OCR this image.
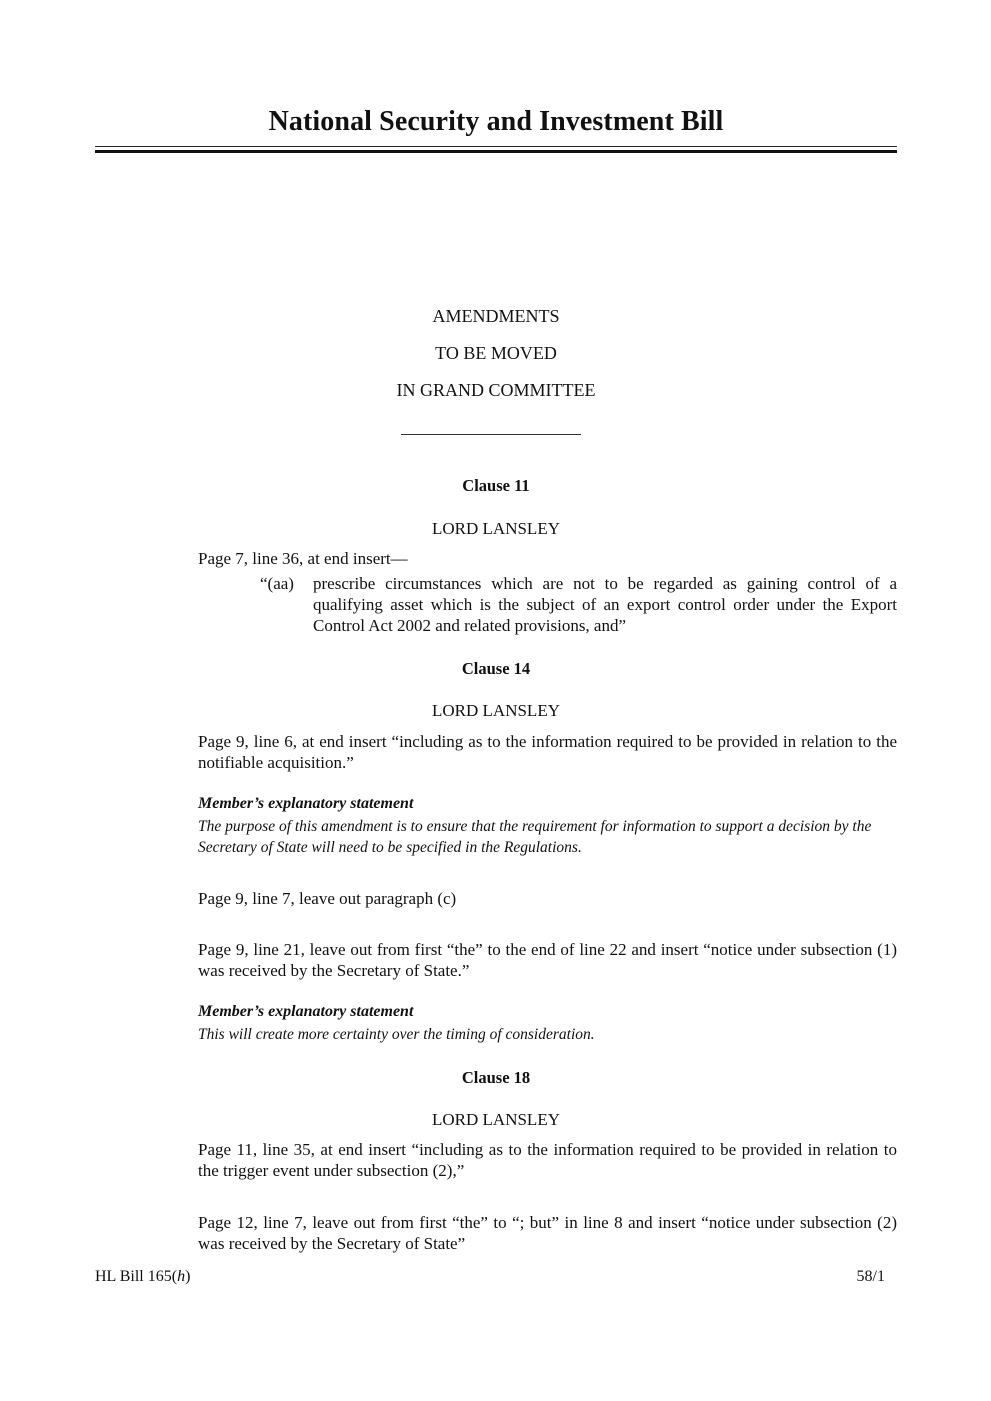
National Security and Investment Bill
AMENDMENTS
TO BE MOVED
IN GRAND COMMITTEE
Clause 11
LORD LANSLEY
Page 7, line 36, at end insert—
“(aa) prescribe circumstances which are not to be regarded as gaining control of a qualifying asset which is the subject of an export control order under the Export Control Act 2002 and related provisions, and”
Clause 14
LORD LANSLEY
Page 9, line 6, at end insert “including as to the information required to be provided in relation to the notifiable acquisition.”
Member’s explanatory statement
The purpose of this amendment is to ensure that the requirement for information to support a decision by the Secretary of State will need to be specified in the Regulations.
Page 9, line 7, leave out paragraph (c)
Page 9, line 21, leave out from first “the” to the end of line 22 and insert “notice under subsection (1) was received by the Secretary of State.”
Member’s explanatory statement
This will create more certainty over the timing of consideration.
Clause 18
LORD LANSLEY
Page 11, line 35, at end insert “including as to the information required to be provided in relation to the trigger event under subsection (2),”
Page 12, line 7, leave out from first “the” to “; but” in line 8 and insert “notice under subsection (2) was received by the Secretary of State”
HL Bill 165(h)	58/1
